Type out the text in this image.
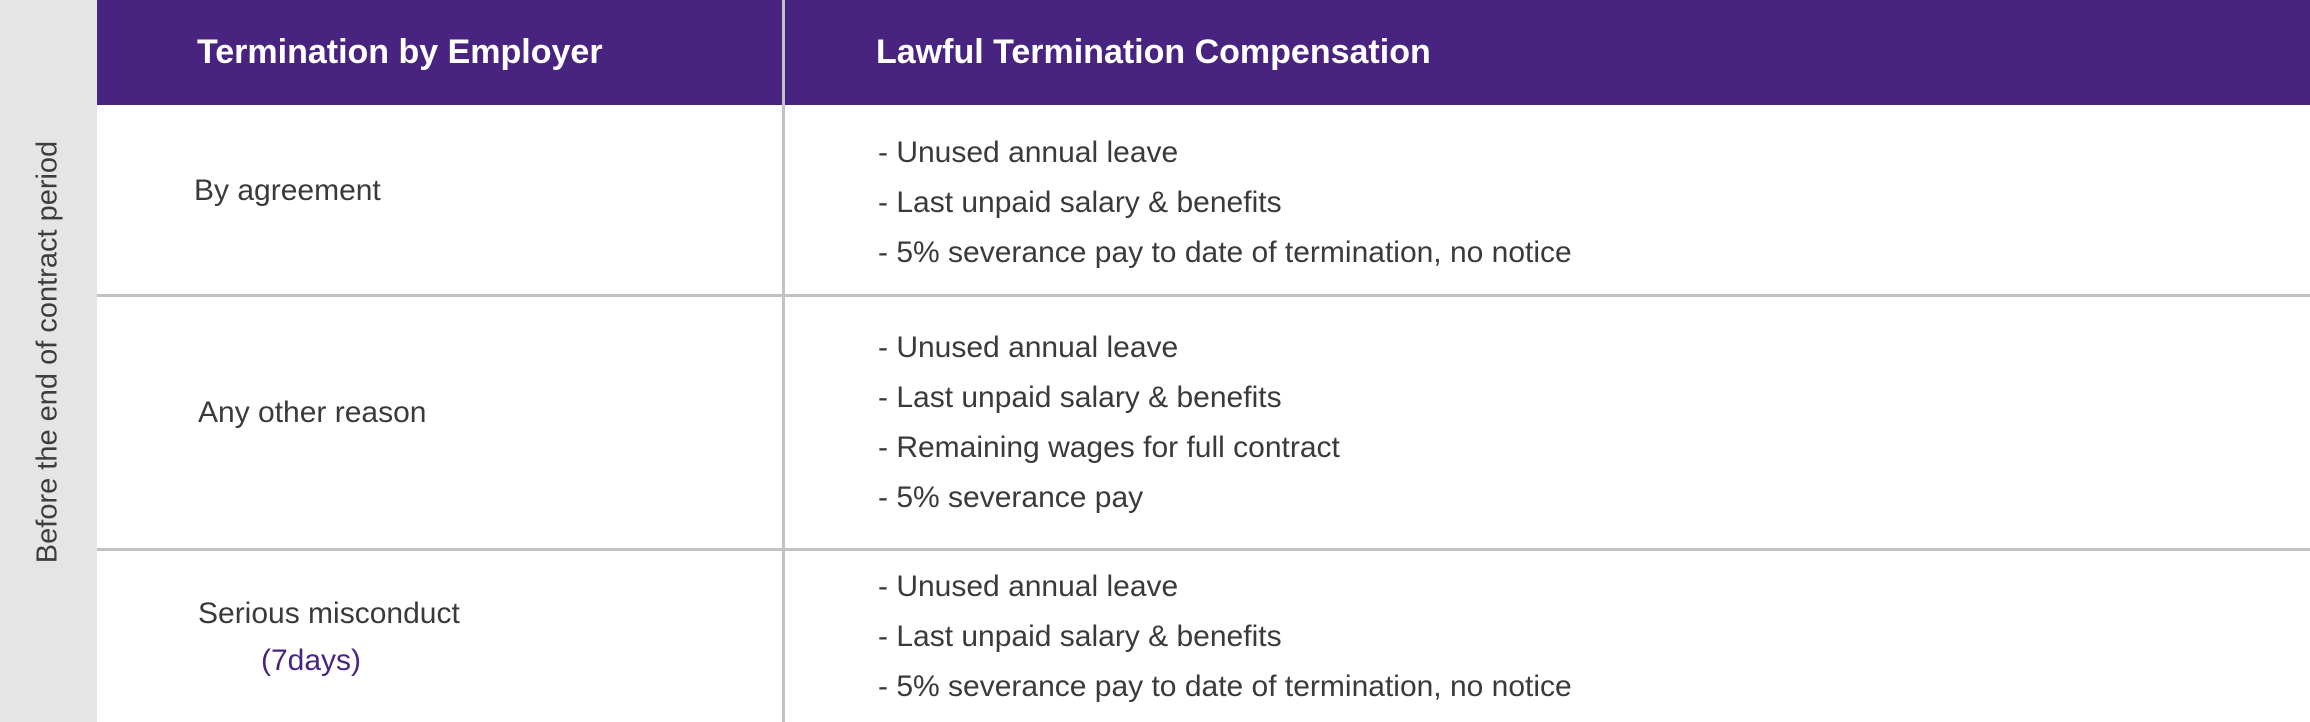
Before the end of contract period
Termination by Employer	Lawful Termination Compensation
By agreement
- Unused annual leave
- Last unpaid salary & benefits
- 5% severance pay to date of termination, no notice
Any other reason
- Unused annual leave
- Last unpaid salary & benefits
- Remaining wages for full contract
- 5% severance pay
Serious misconduct
(7days)
- Unused annual leave
- Last unpaid salary & benefits
- 5% severance pay to date of termination, no notice
